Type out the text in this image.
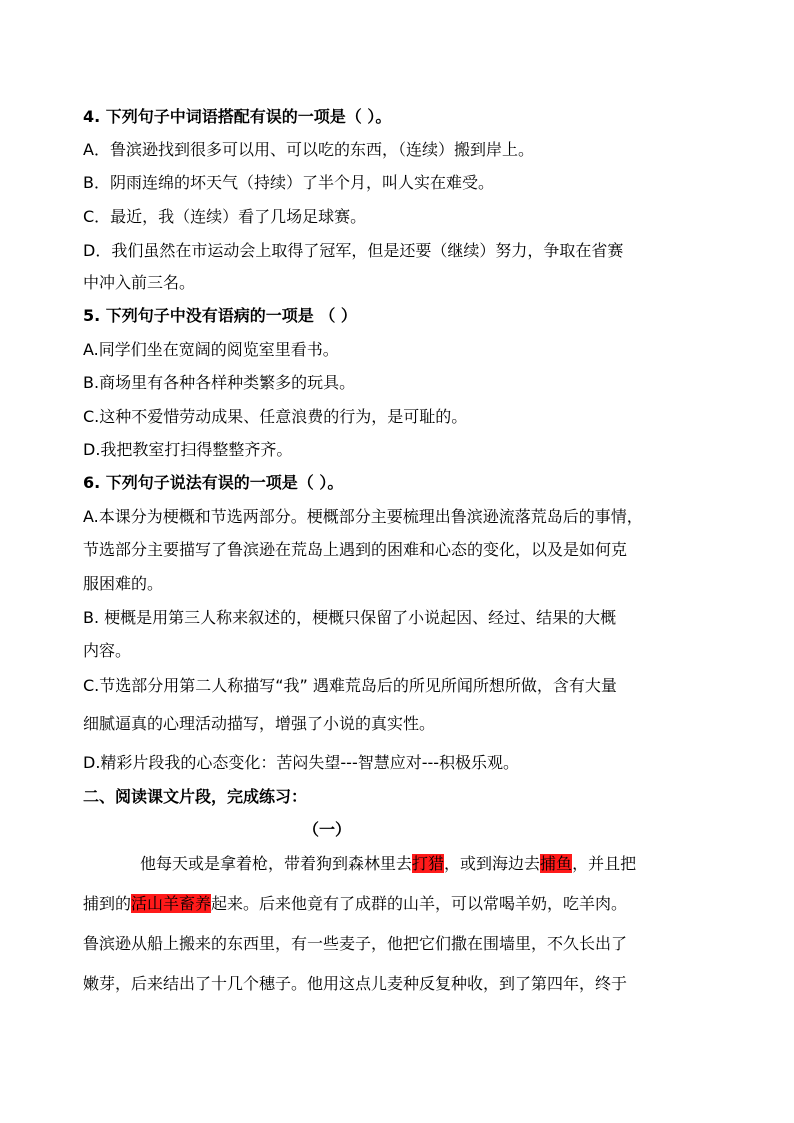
4. 下列句子中词语搭配有误的一项是（ ）。
A．鲁滨逊找到很多可以用、可以吃的东西，（连续）搬到岸上。
B．阴雨连绵的坏天气（持续）了半个月，叫人实在难受。
C．最近，我（连续）看了几场足球赛。
D．我们虽然在市运动会上取得了冠军，但是还要（继续）努力，争取在省赛
中冲入前三名。
5. 下列句子中没有语病的一项是 （ ）
A.同学们坐在宽阔的阅览室里看书。
B.商场里有各种各样种类繁多的玩具。
C.这种不爱惜劳动成果、任意浪费的行为，是可耻的。
D.我把教室打扫得整整齐齐。
6. 下列句子说法有误的一项是（ ）。
A.本课分为梗概和节选两部分。梗概部分主要梳理出鲁滨逊流落荒岛后的事情，
节选部分主要描写了鲁滨逊在荒岛上遇到的困难和心态的变化，以及是如何克
服困难的。
B. 梗概是用第三人称来叙述的，梗概只保留了小说起因、经过、结果的大概
内容。
C.节选部分用第二人称描写“我” 遇难荒岛后的所见所闻所想所做，含有大量
细腻逼真的心理活动描写，增强了小说的真实性。
D.精彩片段我的心态变化：苦闷失望---智慧应对---积极乐观。
二、阅读课文片段，完成练习：
（一）
他每天或是拿着枪，带着狗到森林里去打猎，或到海边去捕鱼，并且把
捕到的活山羊畜养起来。后来他竟有了成群的山羊，可以常喝羊奶，吃羊肉。
鲁滨逊从船上搬来的东西里，有一些麦子，他把它们撒在围墙里，不久长出了
嫩芽，后来结出了十几个穗子。他用这点儿麦种反复种收，到了第四年，终于
